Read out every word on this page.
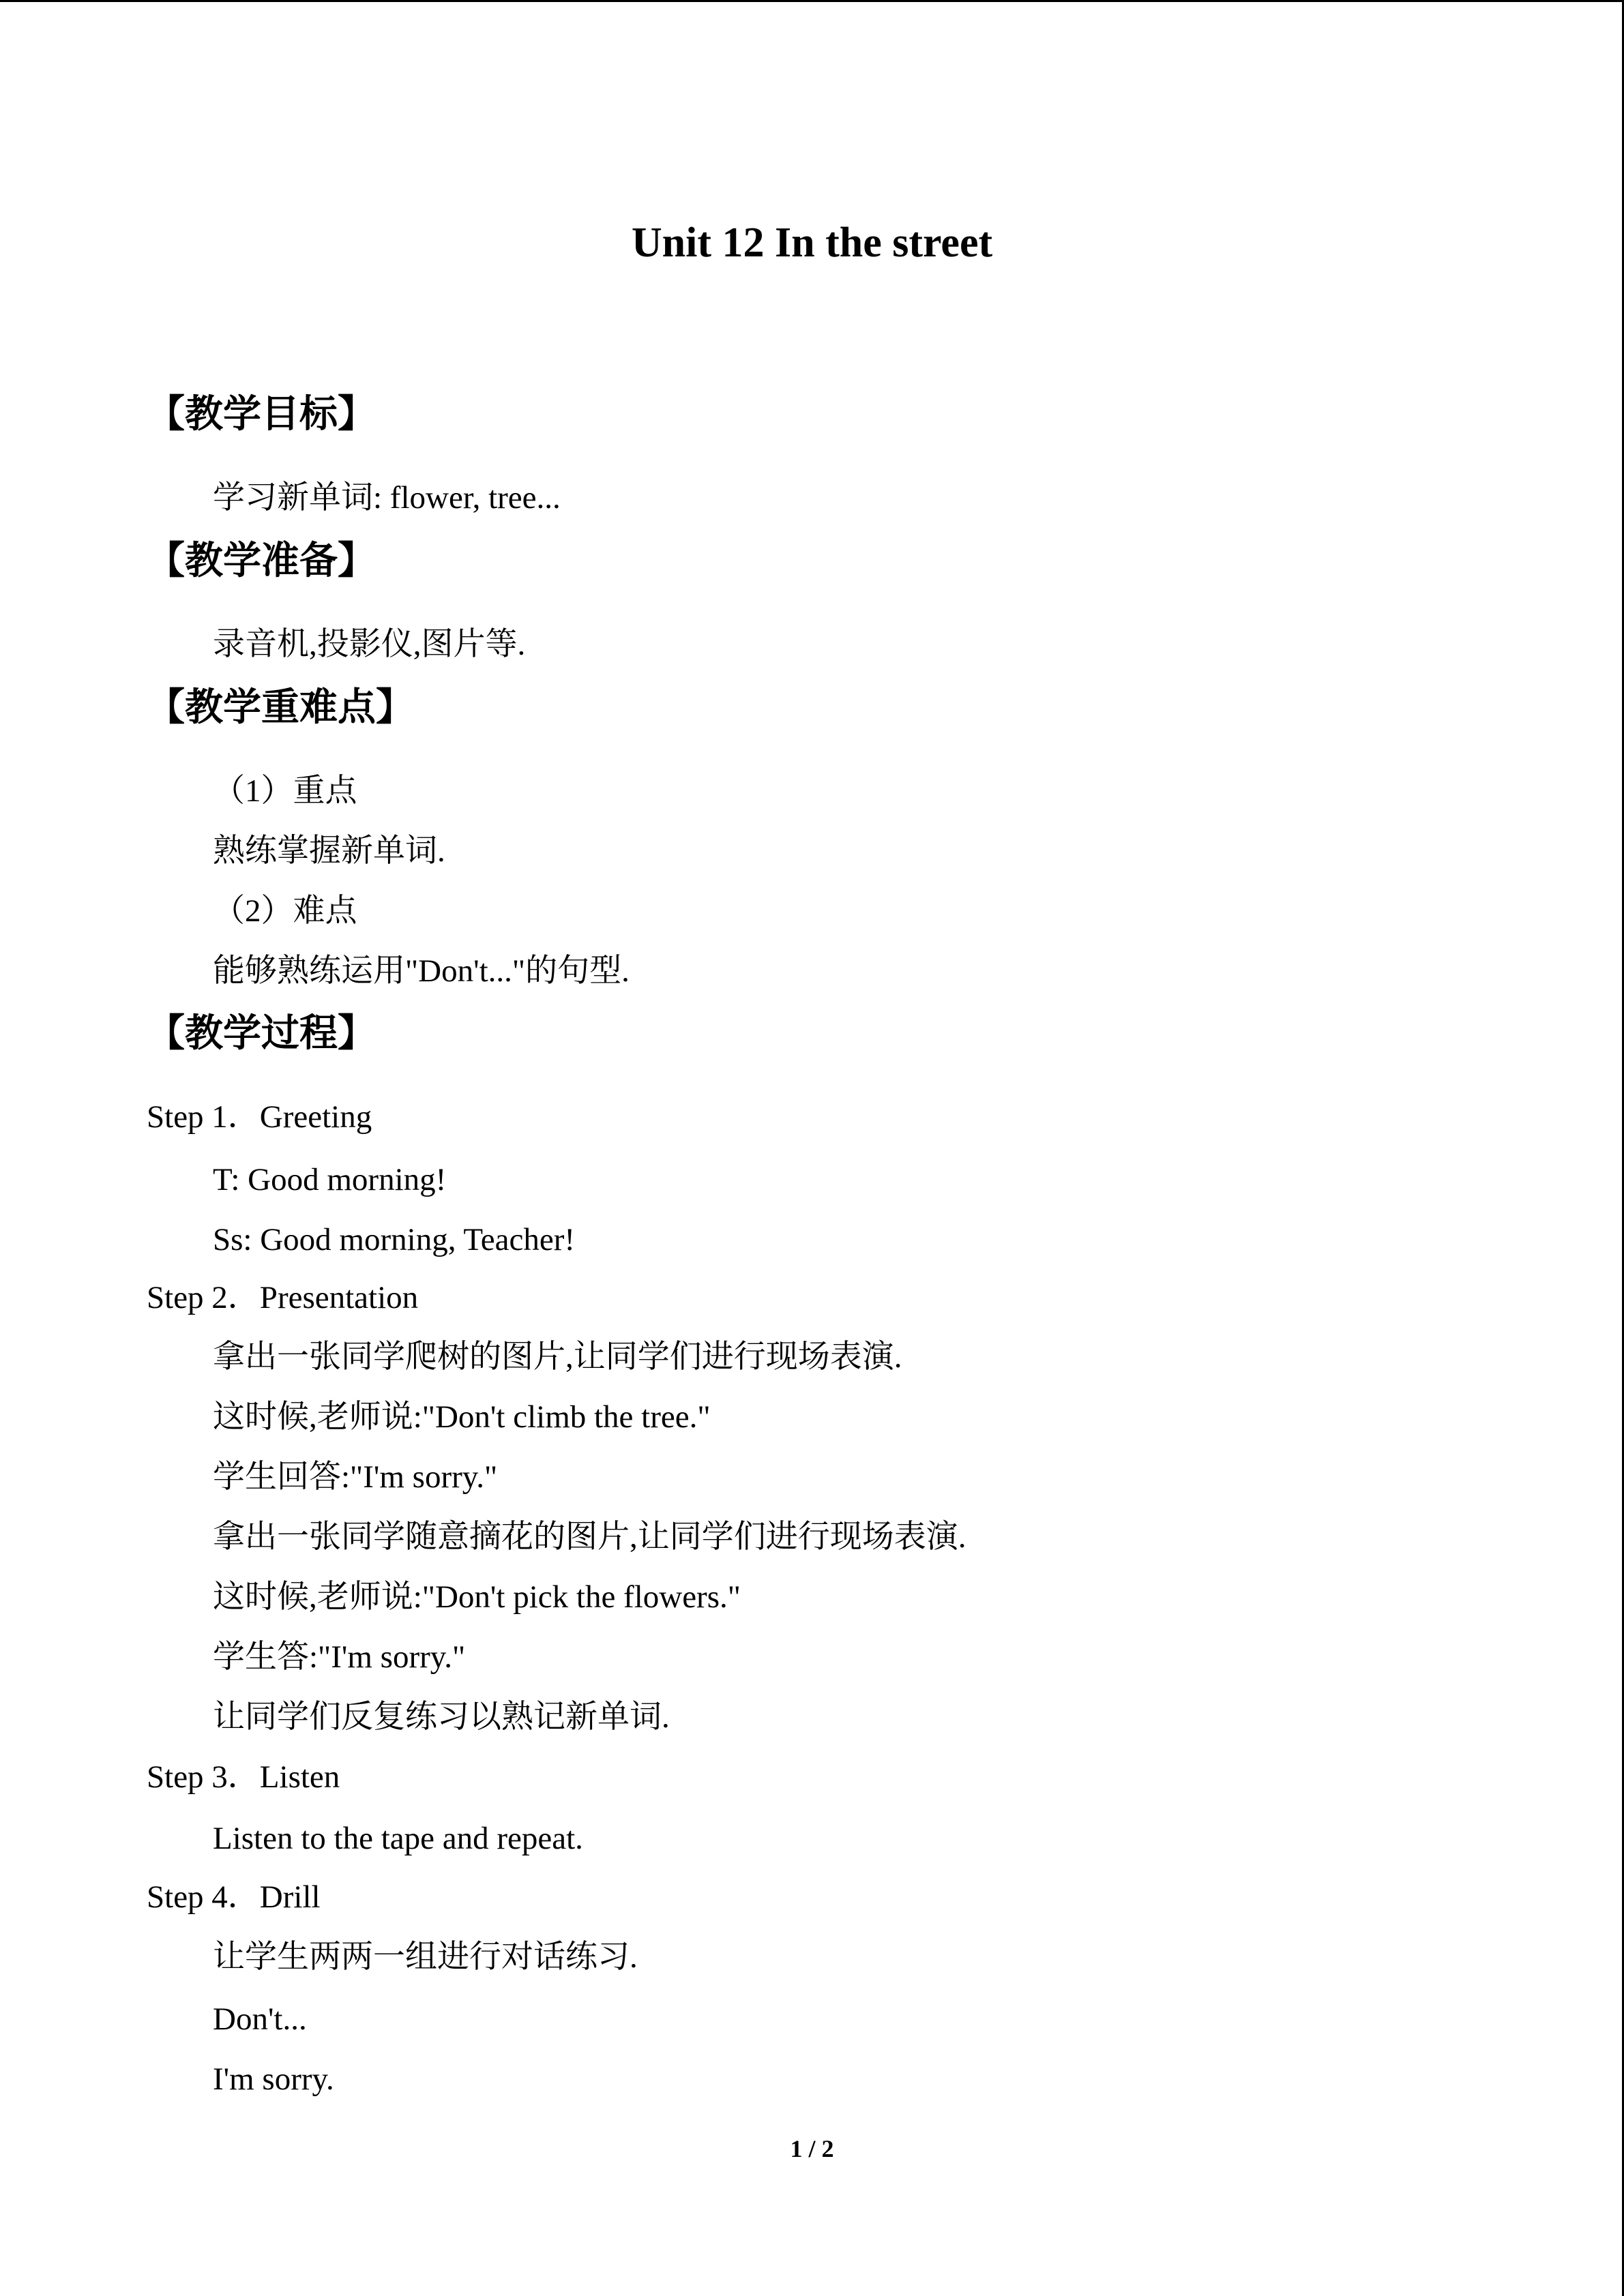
Unit 12 In the street
【教学目标】
学习新单词: flower, tree...
【教学准备】
录音机,投影仪,图片等.
【教学重难点】
（1）重点
熟练掌握新单词.
（2）难点
能够熟练运用"Don't..."的句型.
【教学过程】
Step 1．Greeting
T: Good morning!
Ss: Good morning, Teacher!
Step 2．Presentation
拿出一张同学爬树的图片,让同学们进行现场表演.
这时候,老师说:"Don't climb the tree."
学生回答:"I'm sorry."
拿出一张同学随意摘花的图片,让同学们进行现场表演.
这时候,老师说:"Don't pick the flowers."
学生答:"I'm sorry."
让同学们反复练习以熟记新单词.
Step 3．Listen
Listen to the tape and repeat.
Step 4．Drill
让学生两两一组进行对话练习.
Don't...
I'm sorry.
1 / 2
